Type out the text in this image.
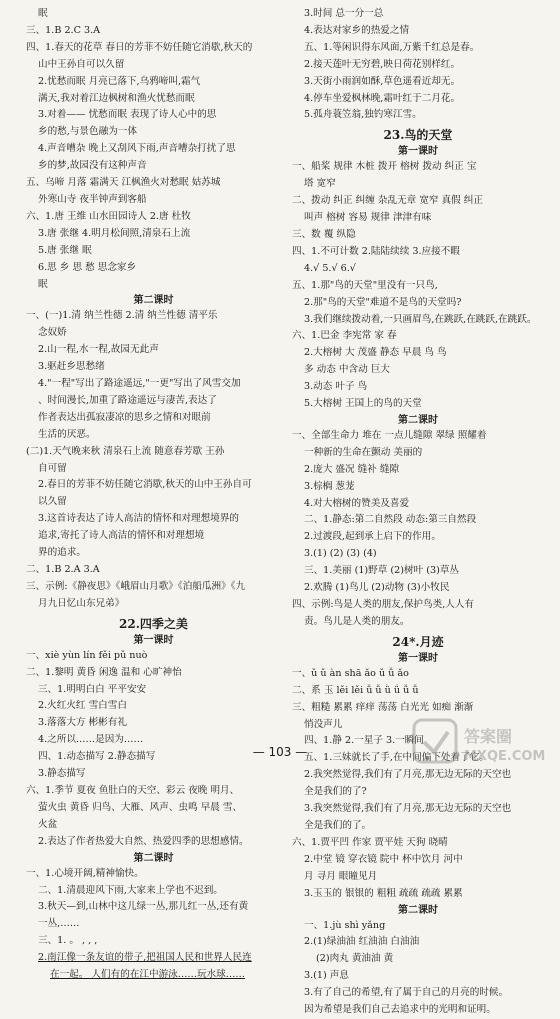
眠
三、1.B 2.C 3.A
四、1.春天的花草 春日的芳菲不妨任随它消歇,秋天的
山中王孙自可以久留
2.忧愁而眠 月亮已落下,乌鸦啼叫,霜气
满天,我对着江边枫树和渔火忧愁而眠
3.对着—— 忧愁而眠 表现了诗人心中的思
乡的愁,与景色融为一体
4.声音嘈杂 晚上又刮风下雨,声音嘈杂打扰了思
乡的梦,故园没有这种声音
五、乌啼 月落 霜满天 江枫渔火对愁眠 姑苏城
外寒山寺 夜半钟声到客船
六、1.唐 王维 山水田园诗人 2.唐 杜牧
3.唐 张继 4.明月松间照,清泉石上流
5.唐 张继 眠
6.思 乡 思 愁 思念家乡
眠
第二课时
一、(一)1.清 纳兰性德 2.清 纳兰性德 清平乐
念奴娇
2.山一程,水一程,故园无此声
3.驱赶乡思愁绪
4."一程"写出了路途遥远,"一更"写出了风雪交加
、时间漫长,加重了路途遥远与凄苦,表达了
作者表达出孤寂凄凉的思乡之情和对眼前
生活的厌恶。
(二)1.天气晚来秋 清泉石上流 随意春芳歇 王孙
自可留
2.春日的芳菲不妨任随它消歇,秋天的山中王孙自可
以久留
3.这首诗表达了诗人高洁的情怀和对理想境界的
追求,寄托了诗人高洁的情怀和对理想境
界的追求。
二、1.B 2.A 3.A
三、示例:《静夜思》《峨眉山月歌》《泊船瓜洲》《九
月九日忆山东兄弟》
22.四季之美
第一课时
一、xiè yùn lín fěi pǔ nuò
二、1.黎明 黄昏 闲逸 温和 心旷神怡
三、1.明明白白 平平安安
2.火红火红 雪白雪白
3.落落大方 彬彬有礼
4.之所以……是因为……
四、1.动态描写 2.静态描写
3.静态描写
六、1.季节 夏夜 鱼肚白的天空、彩云 夜晚 明月、
萤火虫 黄昏 归鸟、大雁、风声、虫鸣 早晨 雪、
火盆
2.表达了作者热爱大自然、热爱四季的思想感情。
第二课时
一、1.心境开阔,精神愉快。
二、1.清晨迎风下雨,大家来上学也不迟到。
3.秋天—到,山林中这儿绿一丛,那儿红一丛,还有黄
一丛,……
三、1. 。 , , ,
2.南江像一条友谊的带子,把祖国人民和世界人民连
在一起。 人们有的在江中游泳……玩水球……
3.时间 总一分一总
4.表达对家乡的热爱之情
五、1.等闲识得东风面,万紫千红总是春。
2.接天莲叶无穷碧,映日荷花别样红。
3.天街小雨润如酥,草色遥看近却无。
4.停车坐爱枫林晚,霜叶红于二月花。
5.孤舟蓑笠翁,独钓寒江雪。
23.鸟的天堂
第一课时
一、船桨 规律 木桩 拨开 榕树 拨动 纠正 宝
塔 宽窄
二、拨动 纠正 纠缠 杂乱无章 宽窄 真假 纠正
叫声 榕树 容易 规律 津津有味
三、数 覆 纵隐
四、1.不可计数 2.陆陆续续 3.应接不暇
4.√ 5.√ 6.√
五、1.那"鸟的天堂"里没有一只鸟,
2.那"鸟的天堂"难道不是鸟的天堂吗?
3.我们继续拨动着,一只画眉鸟,在跳跃,在跳跃,在跳跃。
六、1.巴金 李宪常 家 春
2.大榕树 大 茂盛 静态 早晨 鸟 鸟
多 动态 中含动 巨大
3.动态 叶子 鸟
5.大榕树 王国上的鸟的天堂
第二课时
一、全部生命力 堆在 一点儿缝隙 翠绿 照耀着
一种新的生命在颤动 美丽的
2.庞大 盛况 缝补 缝隙
3.棕榈 葱茏
4.对大榕树的赞美及喜爱
二、1.静态:第二自然段 动态:第三自然段
2.过渡段,起到承上启下的作用。
3.(1) (2) (3) (4)
三、1.美丽 (1)野草 (2)树叶 (3)草丛
2.欢腾 (1)鸟儿 (2)动物 (3)小牧民
四、示例:鸟是人类的朋友,保护鸟类,人人有
责。鸟儿是人类的朋友。
24*.月迹
第一课时
一、ǔ ǔ àn shā ǎo ǔ ǚ ǎo
二、系 玉 lěi lěi ǚ ǚ ǜ ǘ ǚ ǚ
三、粗糙 累累 痒痒 荡荡 白光光 如痴 渐渐
悄没声儿
四、1.静 2.一星子 3.一瞬间
五、1.三妹就长了手,在中间偏下处着了它。
2.我突然觉得,我们有了月亮,那无边无际的天空也
全是我们的了?
3.我突然觉得,我们有了月亮,那无边无际的天空也
全是我们的了。
六、1.贾平凹 作家 贾平娃 天狗 晓晴
2.中堂 镜 穿衣镜 院中 杯中饮月 河中
月 寻月 眼瞳见月
3.玉玉的 银银的 粗粗 疏疏 疏疏 累累
第二课时
一、1.jù shì yǎng
2.(1)绿油油 红油油 白油油
(2)肉丸 黄油油 黄
3.(1) 声息
3.有了自己的希望,有了属于自己的月亮的时候。
因为希望是我们自己去追求中的光明和证明。
— 103 —
答案圈
MXQE.COM
